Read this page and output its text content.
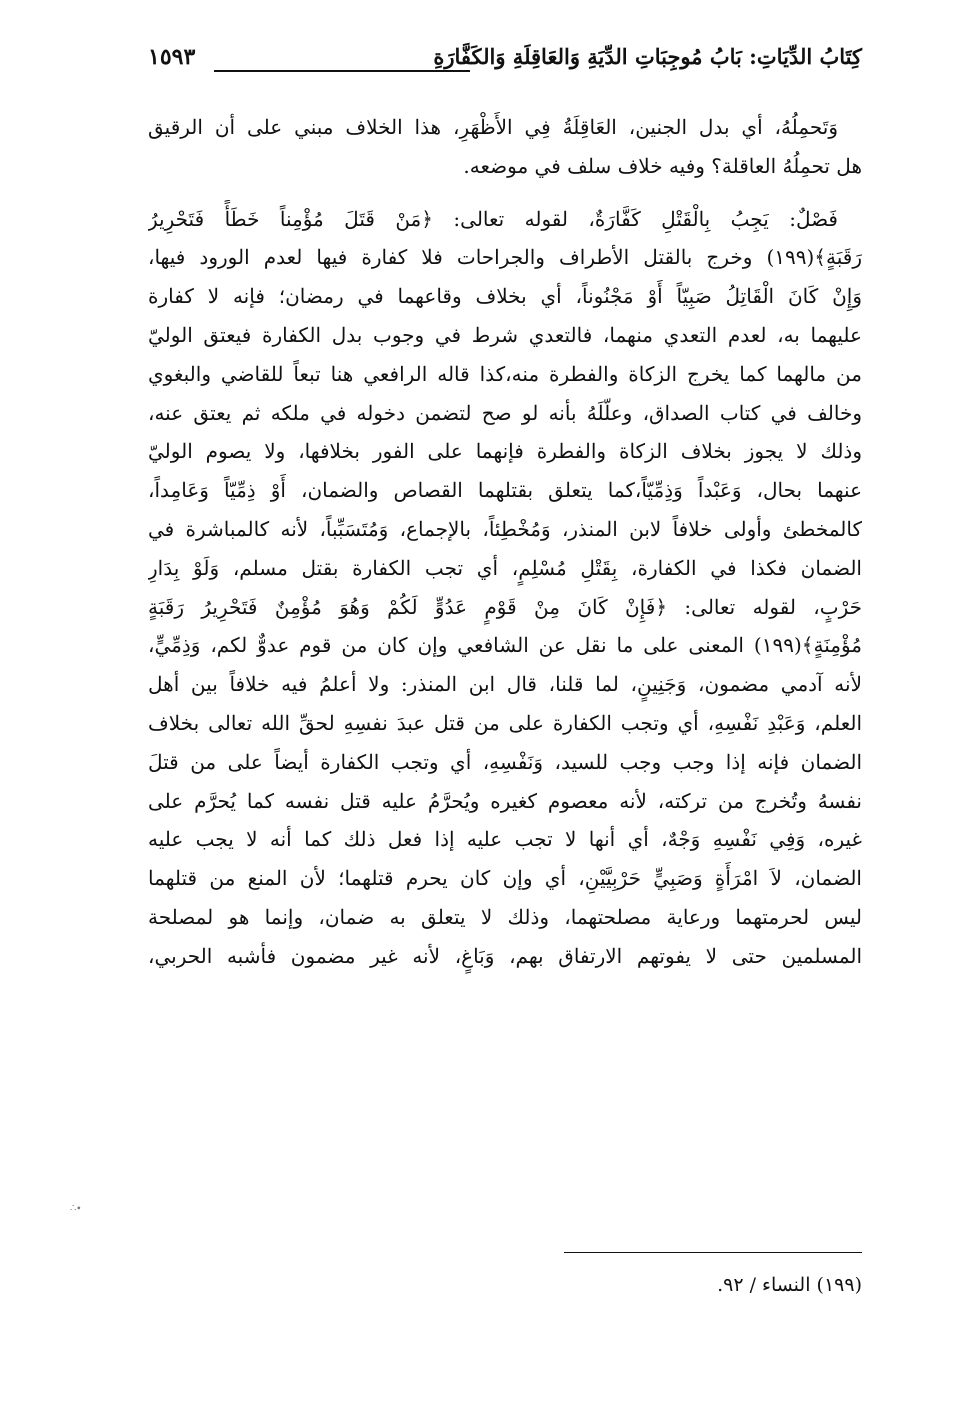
كِتَابُ الدِّيَاتِ: بَابُ مُوجِبَاتِ الدِّيَةِ وَالعَاقِلَةِ وَالكَفَّارَةِ
١٥٩٣
وَتَحمِلُهُ، أي بدل الجنين، العَاقِلَةُ فِي الأَظْهَرِ، هذا الخلاف مبني على أن الرقيق
هل تحمِلُهُ العاقلة؟ وفيه خلاف سلف في موضعه.
فَصْلٌ: يَجِبُ بِالْقَتْلِ كَفَّارَةٌ، لقوله تعالى: ﴿مَنْ قَتَلَ مُؤْمِناً خَطَأً فَتَحْرِيرُ
رَقَبَةٍ﴾(١٩٩) وخرج بالقتل الأطراف والجراحات فلا كفارة فيها لعدم الورود فيها،
وَإِنْ كَانَ الْقَاتِلُ صَبِيّاً أَوْ مَجْنُوناً، أي بخلاف وقاعهما في رمضان؛ فإنه لا كفارة
عليهما به، لعدم التعدي منهما، فالتعدي شرط في وجوب بدل الكفارة فيعتق الوليّ
من مالهما كما يخرج الزكاة والفطرة منه،كذا قاله الرافعي هنا تبعاً للقاضي والبغوي
وخالف في كتاب الصداق، وعلّلَهُ بأنه لو صح لتضمن دخوله في ملكه ثم يعتق عنه،
وذلك لا يجوز بخلاف الزكاة والفطرة فإنهما على الفور بخلافها، ولا يصوم الوليّ
عنهما بحال، وَعَبْداً وَذِمِّيّاً،كما يتعلق بقتلهما القصاص والضمان، أَوْ ذِمِّيّاً وَعَامِداً،
كالمخطئ وأولى خلافاً لابن المنذر، وَمُخْطِئاً، بالإجماع، وَمُتَسَبِّباً، لأنه كالمباشرة في
الضمان فكذا في الكفارة، بِقَتْلِ مُسْلِمٍ، أي تجب الكفارة بقتل مسلم، وَلَوْ بِدَارِ
حَرْبٍ، لقوله تعالى: ﴿فَإِنْ كَانَ مِنْ قَوْمٍ عَدُوٍّ لَكُمْ وَهُوَ مُؤْمِنٌ فَتَحْرِيرُ رَقَبَةٍ
مُؤْمِنَةٍ﴾(١٩٩) المعنى على ما نقل عن الشافعي وإن كان من قوم عدوٌّ لكم، وَذِمِّيٍّ،
لأنه آدمي مضمون، وَجَنِينٍ، لما قلنا، قال ابن المنذر: ولا أعلمُ فيه خلافاً بين أهل
العلم، وَعَبْدِ نَفْسِهِ، أي وتجب الكفارة على من قتل عبدَ نفسِهِ لحقِّ الله تعالى بخلاف
الضمان فإنه إذا وجب وجب للسيد، وَنَفْسِهِ، أي وتجب الكفارة أيضاً على من قتلَ
نفسهُ وتُخرج من تركته، لأنه معصوم كغيره ويُحرَّمُ عليه قتل نفسه كما يُحرَّم على
غيره، وَفِي نَفْسِهِ وَجْهٌ، أي أنها لا تجب عليه إذا فعل ذلك كما أنه لا يجب عليه
الضمان، لاَ امْرَأَةٍ وَصَبِيٍّ حَرْبِيَّيْنِ، أي وإن كان يحرم قتلهما؛ لأن المنع من قتلهما
ليس لحرمتهما ورعاية مصلحتهما، وذلك لا يتعلق به ضمان، وإنما هو لمصلحة
المسلمين حتى لا يفوتهم الارتفاق بهم، وَبَاغٍ، لأنه غير مضمون فأشبه الحربي،
∴∙
(١٩٩) النساء / ٩٢.
